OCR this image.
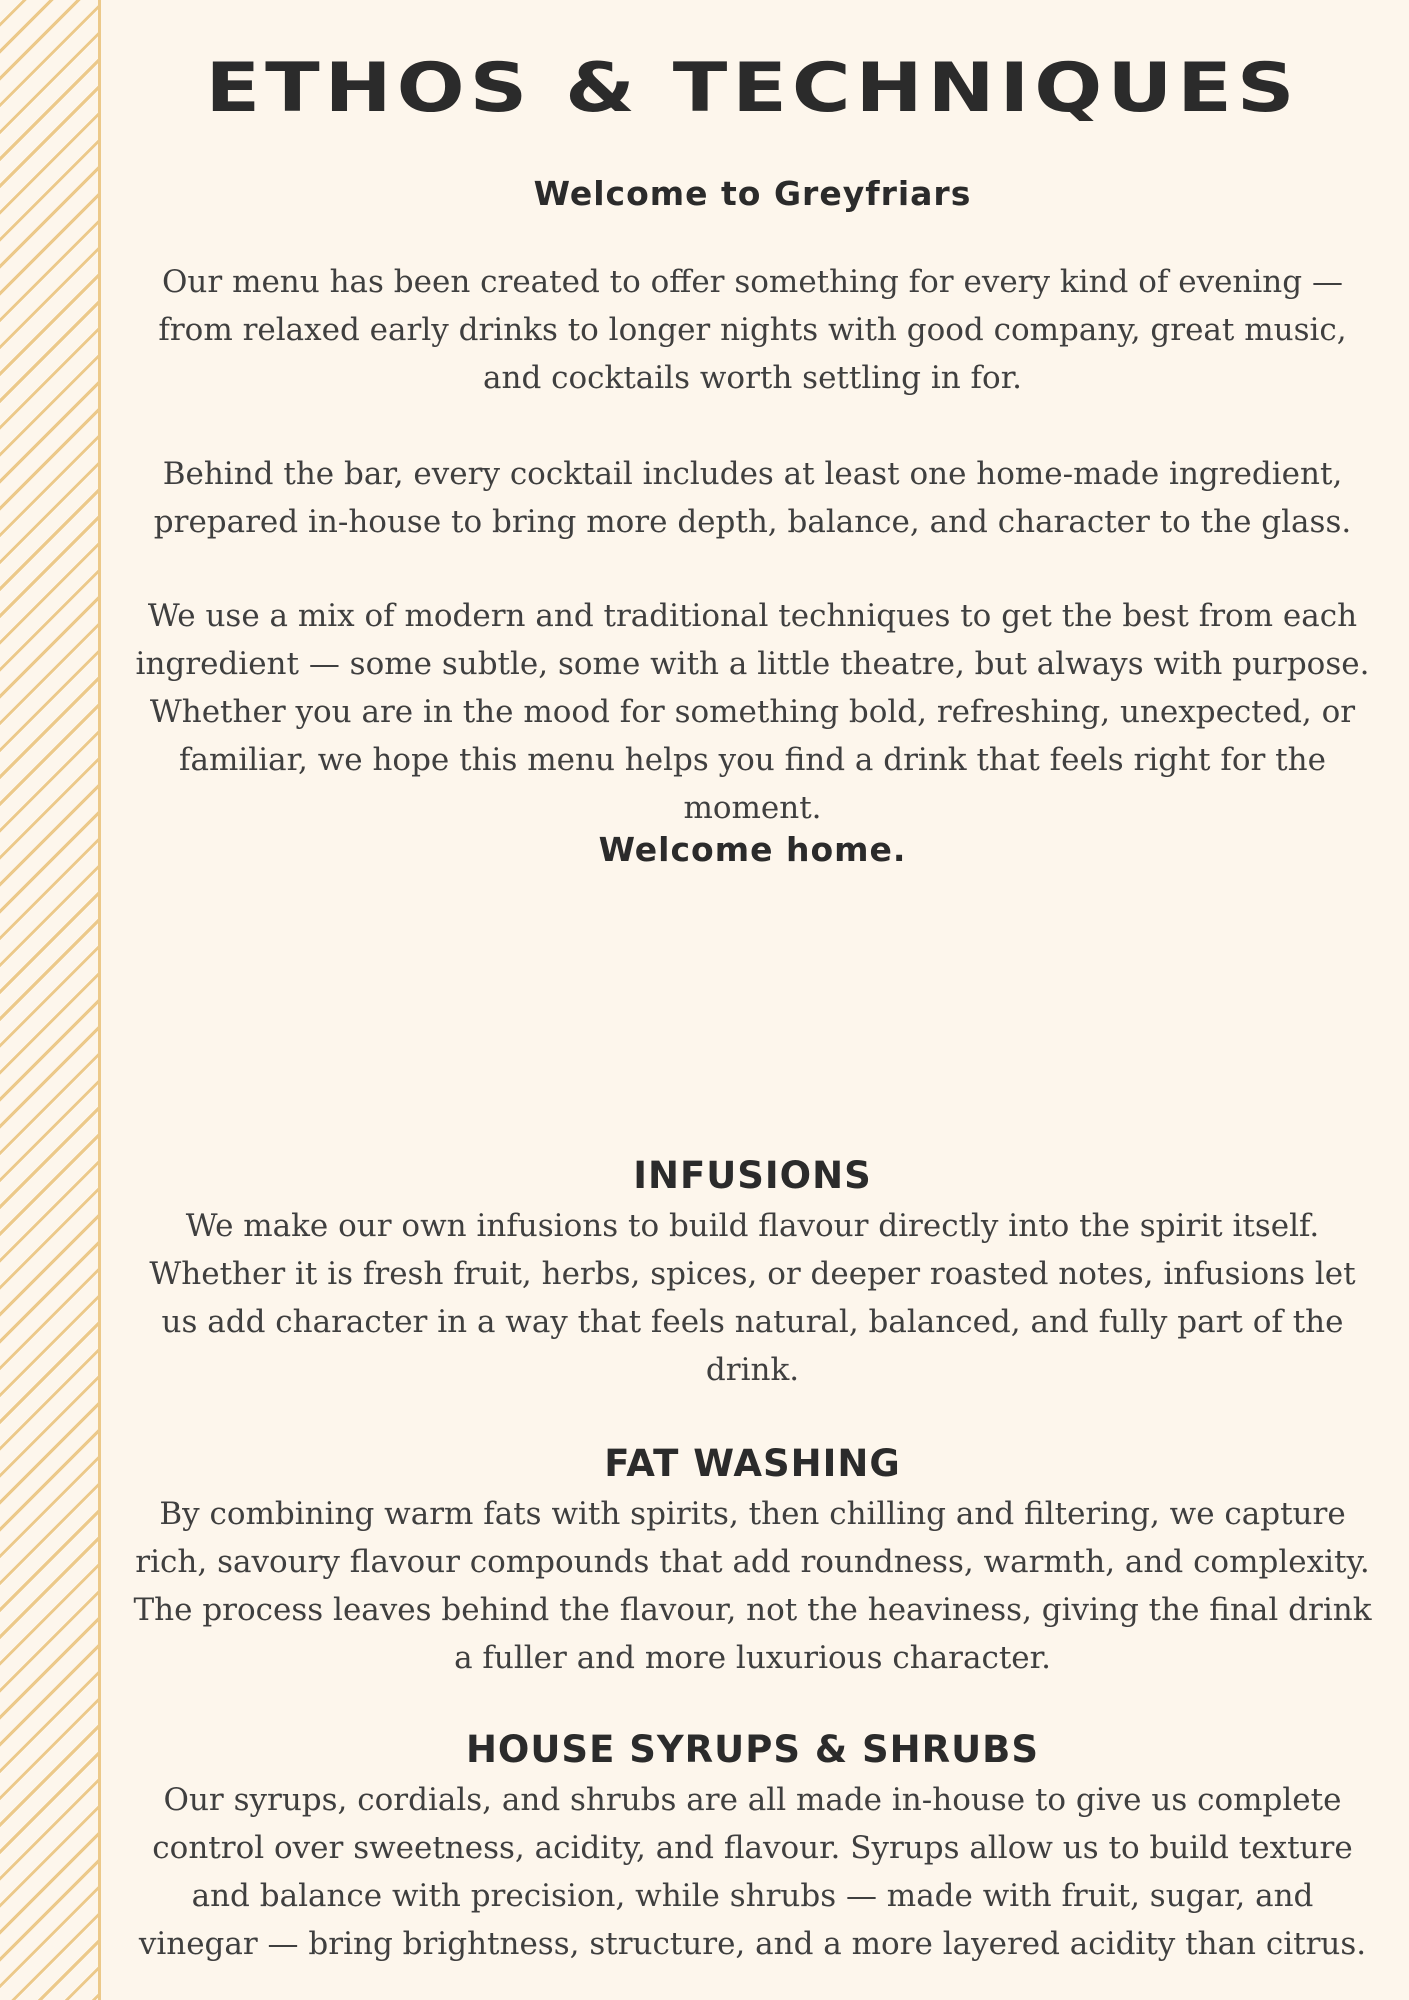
ETHOS & TECHNIQUES
Welcome to Greyfriars

Our menu has been created to offer something for every kind of evening — from relaxed early drinks to longer nights with good company, great music, and cocktails worth settling in for.

Behind the bar, every cocktail includes at least one home-made ingredient, prepared in-house to bring more depth, balance, and character to the glass.

We use a mix of modern and traditional techniques to get the best from each ingredient — some subtle, some with a little theatre, but always with purpose. Whether you are in the mood for something bold, refreshing, unexpected, or familiar, we hope this menu helps you find a drink that feels right for the moment.

Welcome home.
INFUSIONS

We make our own infusions to build flavour directly into the spirit itself. Whether it is fresh fruit, herbs, spices, or deeper roasted notes, infusions let us add character in a way that feels natural, balanced, and fully part of the drink.

FAT WASHING

By combining warm fats with spirits, then chilling and filtering, we capture rich, savoury flavour compounds that add roundness, warmth, and complexity. The process leaves behind the flavour, not the heaviness, giving the final drink a fuller and more luxurious character.

HOUSE SYRUPS & SHRUBS

Our syrups, cordials, and shrubs are all made in-house to give us complete control over sweetness, acidity, and flavour. Syrups allow us to build texture and balance with precision, while shrubs — made with fruit, sugar, and vinegar — bring brightness, structure, and a more layered acidity than citrus.
